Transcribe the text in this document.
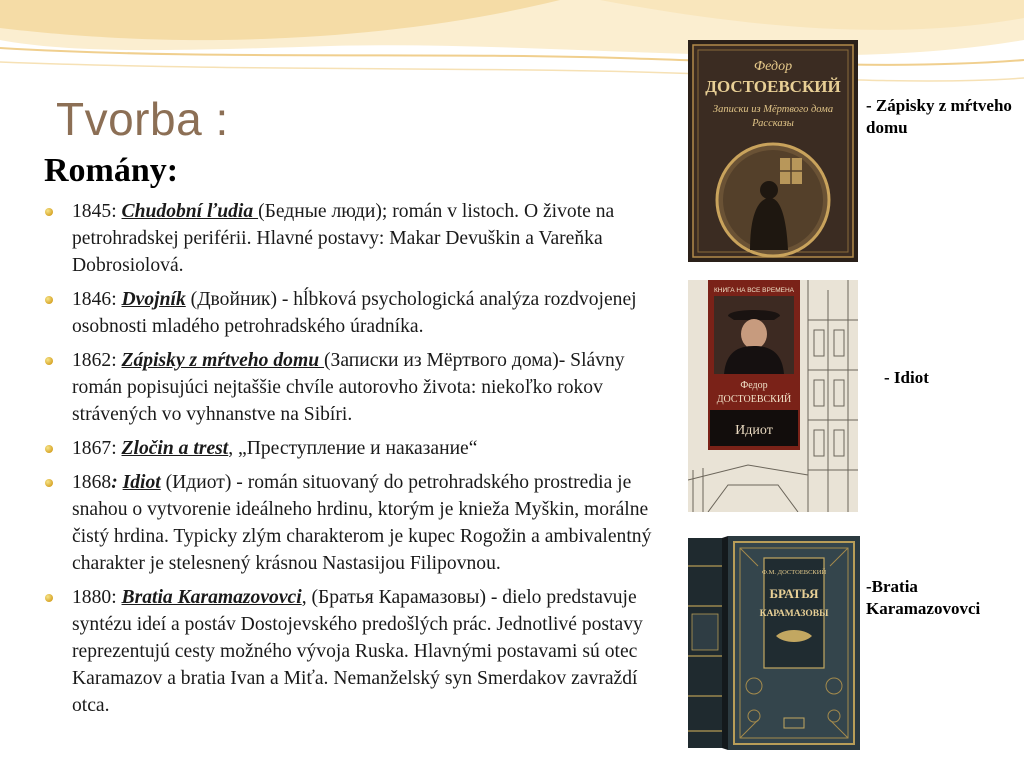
Tvorba :
Romány:
1845: Chudobní ľudia (Бедные люди); román v listoch. O živote na petrohradskej periférii. Hlavné postavy: Makar Devuškin a Vareňka Dobrosiolová.
1846: Dvojník (Двойник) - hĺbková psychologická analýza rozdvojenej osobnosti mladého petrohradského úradníka.
1862: Zápisky z mŕtveho domu (Записки из Мёртвого дома)- Slávny román popisujúci nejtaššie chvíle autorovho života: niekoľko rokov strávených vo vyhnanstve na Sibíri.
1867: Zločin a trest, „Преступление и наказание“
1868: Idiot (Идиот) - román situovaný do petrohradského prostredia je snahou o vytvorenie ideálneho hrdinu, ktorým je knieža Myškin, morálne čistý hrdina. Typicky zlým charakterom je kupec Rogožin a ambivalentný charakter je stelesnený krásnou Nastasijou Filipovnou.
1880: Bratia Karamazovovci, (Братья Карамазовы) - dielo predstavuje syntézu ideí a postáv Dostojevského predošlých prác. Jednotlivé postavy reprezentujú cesty možného vývoja Ruska. Hlavnými postavami sú otec Karamazov a bratia Ivan a Miťa. Nemanželský syn Smerdakov zavraždí otca.
Федор
ДОСТОЕВСКИЙ
Записки из Мёртвого дома
Рассказы
- Zápisky z mŕtveho domu
КНИГА НА ВСЕ ВРЕМЕНА
Федор
ДОСТОЕВСКИЙ
Идиот
- Idiot
Ф.М. ДОСТОЕВСКИЙ
БРАТЬЯ
КАРАМАЗОВЫ
-Bratia Karamazovovci
